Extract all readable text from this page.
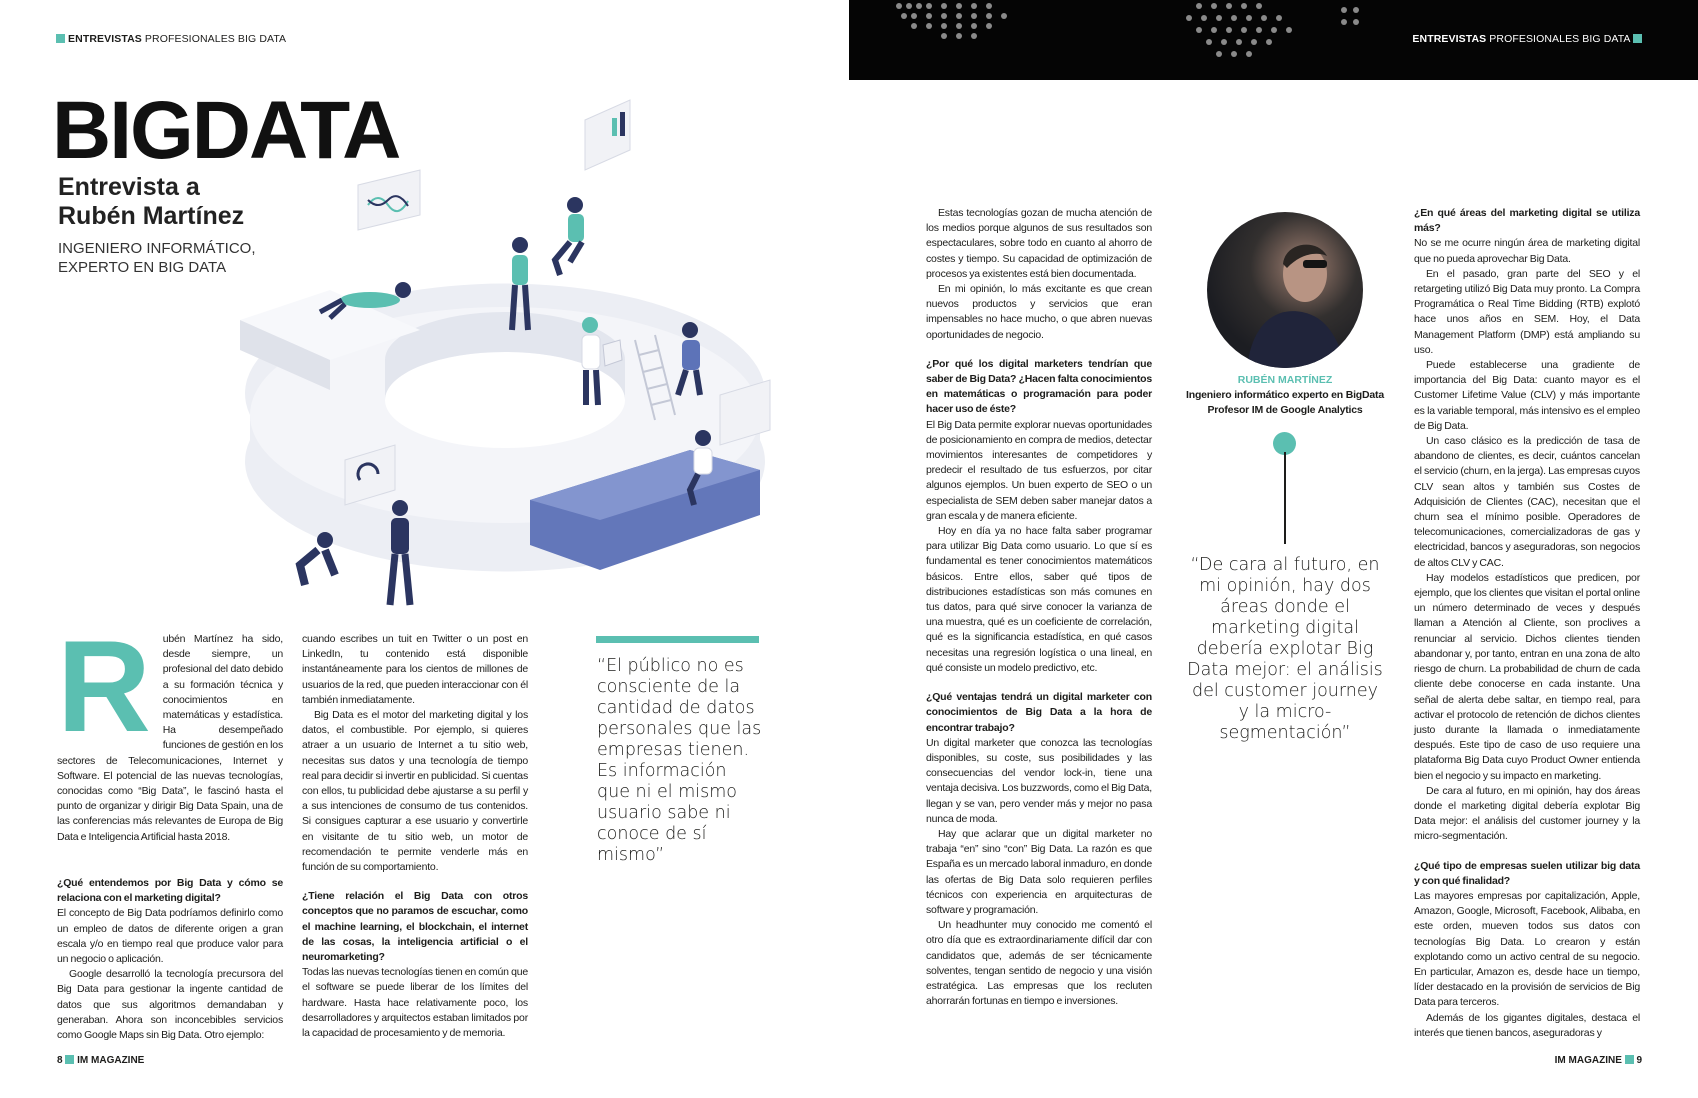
ENTREVISTAS PROFESIONALES BIG DATA
BIGDATA
Entrevista a
Rubén Martínez
INGENIERO INFORMÁTICO,
EXPERTO EN BIG DATA
R ubén Martínez ha sido, desde siempre, un profesional del dato debido a su formación técnica y conocimientos en matemáticas y estadística. Ha desempeñado funciones de gestión en los sectores de Telecomunicaciones, Internet y Software. El potencial de las nuevas tecnologías, conocidas como “Big Data”, le fascinó hasta el punto de organizar y dirigir Big Data Spain, una de las conferencias más relevantes de Europa de Big Data e Inteligencia Artificial hasta 2018.

¿Qué entendemos por Big Data y cómo se relaciona con el marketing digital?

El concepto de Big Data podríamos definirlo como un empleo de datos de diferente origen a gran escala y/o en tiempo real que produce valor para un negocio o aplicación.

Google desarrolló la tecnología precursora del Big Data para gestionar la ingente cantidad de datos que sus algoritmos demandaban y generaban. Ahora son inconcebibles servicios como Google Maps sin Big Data. Otro ejemplo:

cuando escribes un tuit en Twitter o un post en LinkedIn, tu contenido está disponible instantáneamente para los cientos de millones de usuarios de la red, que pueden interaccionar con él también inmediatamente.

Big Data es el motor del marketing digital y los datos, el combustible. Por ejemplo, si quieres atraer a un usuario de Internet a tu sitio web, necesitas sus datos y una tecnología de tiempo real para decidir si invertir en publicidad. Si cuentas con ellos, tu publicidad debe ajustarse a su perfil y a sus intenciones de consumo de tus contenidos. Si consigues capturar a ese usuario y convertirle en visitante de tu sitio web, un motor de recomendación te permite venderle más en función de su comportamiento.

¿Tiene relación el Big Data con otros conceptos que no paramos de escuchar, como el machine learning, el blockchain, el internet de las cosas, la inteligencia artificial o el neuromarketing?

Todas las nuevas tecnologías tienen en común que el software se puede liberar de los límites del hardware. Hasta hace relativamente poco, los desarrolladores y arquitectos estaban limitados por la capacidad de procesamiento y de memoria.

“El público no es consciente de la cantidad de datos personales que las empresas tienen. Es información que ni el mismo usuario sabe ni conoce de sí mismo”
8 IM MAGAZINE
ENTREVISTAS PROFESIONALES BIG DATA

Estas tecnologías gozan de mucha atención de los medios porque algunos de sus resultados son espectaculares, sobre todo en cuanto al ahorro de costes y tiempo. Su capacidad de optimización de procesos ya existentes está bien documentada.

En mi opinión, lo más excitante es que crean nuevos productos y servicios que eran impensables no hace mucho, o que abren nuevas oportunidades de negocio.

¿Por qué los digital marketers tendrían que saber de Big Data? ¿Hacen falta conocimientos en matemáticas o programación para poder hacer uso de éste?

El Big Data permite explorar nuevas oportunidades de posicionamiento en compra de medios, detectar movimientos interesantes de competidores y predecir el resultado de tus esfuerzos, por citar algunos ejemplos. Un buen experto de SEO o un especialista de SEM deben saber manejar datos a gran escala y de manera eficiente.

Hoy en día ya no hace falta saber programar para utilizar Big Data como usuario. Lo que sí es fundamental es tener conocimientos matemáticos básicos. Entre ellos, saber qué tipos de distribuciones estadísticas son más comunes en tus datos, para qué sirve conocer la varianza de una muestra, qué es un coeficiente de correlación, qué es la significancia estadística, en qué casos necesitas una regresión logística o una lineal, en qué consiste un modelo predictivo, etc.

¿Qué ventajas tendrá un digital marketer con conocimientos de Big Data a la hora de encontrar trabajo?

Un digital marketer que conozca las tecnologías disponibles, su coste, sus posibilidades y las consecuencias del vendor lock-in, tiene una ventaja decisiva. Los buzzwords, como el Big Data, llegan y se van, pero vender más y mejor no pasa nunca de moda.

Hay que aclarar que un digital marketer no trabaja “en” sino “con” Big Data. La razón es que España es un mercado laboral inmaduro, en donde las ofertas de Big Data solo requieren perfiles técnicos con experiencia en arquitecturas de software y programación.

Un headhunter muy conocido me comentó el otro día que es extraordinariamente difícil dar con candidatos que, además de ser técnicamente solventes, tengan sentido de negocio y una visión estratégica. Las empresas que los recluten ahorrarán fortunas en tiempo e inversiones.

RUBÉN MARTÍNEZ
Ingeniero informático experto en BigData
Profesor IM de Google Analytics
“De cara al futuro, en mi opinión, hay dos áreas donde el marketing digital debería explotar Big Data mejor: el análisis del customer journey y la micro-segmentación”

¿En qué áreas del marketing digital se utiliza más?

No se me ocurre ningún área de marketing digital que no pueda aprovechar Big Data.

En el pasado, gran parte del SEO y el retargeting utilizó Big Data muy pronto. La Compra Programática o Real Time Bidding (RTB) explotó hace unos años en SEM. Hoy, el Data Management Platform (DMP) está ampliando su uso.

Puede establecerse una gradiente de importancia del Big Data: cuanto mayor es el Customer Lifetime Value (CLV) y más importante es la variable temporal, más intensivo es el empleo de Big Data.

Un caso clásico es la predicción de tasa de abandono de clientes, es decir, cuántos cancelan el servicio (churn, en la jerga). Las empresas cuyos CLV sean altos y también sus Costes de Adquisición de Clientes (CAC), necesitan que el churn sea el mínimo posible. Operadores de telecomunicaciones, comercializadoras de gas y electricidad, bancos y aseguradoras, son negocios de altos CLV y CAC.

Hay modelos estadísticos que predicen, por ejemplo, que los clientes que visitan el portal online un número determinado de veces y después llaman a Atención al Cliente, son proclives a renunciar al servicio. Dichos clientes tienden abandonar y, por tanto, entran en una zona de alto riesgo de churn. La probabilidad de churn de cada cliente debe conocerse en cada instante. Una señal de alerta debe saltar, en tiempo real, para activar el protocolo de retención de dichos clientes justo durante la llamada o inmediatamente después. Este tipo de caso de uso requiere una plataforma Big Data cuyo Product Owner entienda bien el negocio y su impacto en marketing.

De cara al futuro, en mi opinión, hay dos áreas donde el marketing digital debería explotar Big Data mejor: el análisis del customer journey y la micro-segmentación.

¿Qué tipo de empresas suelen utilizar big data y con qué finalidad?

Las mayores empresas por capitalización, Apple, Amazon, Google, Microsoft, Facebook, Alibaba, en este orden, mueven todos sus datos con tecnologías Big Data. Lo crearon y están explotando como un activo central de su negocio. En particular, Amazon es, desde hace un tiempo, líder destacado en la provisión de servicios de Big Data para terceros.

Además de los gigantes digitales, destaca el interés que tienen bancos, aseguradoras y

IM MAGAZINE 9
